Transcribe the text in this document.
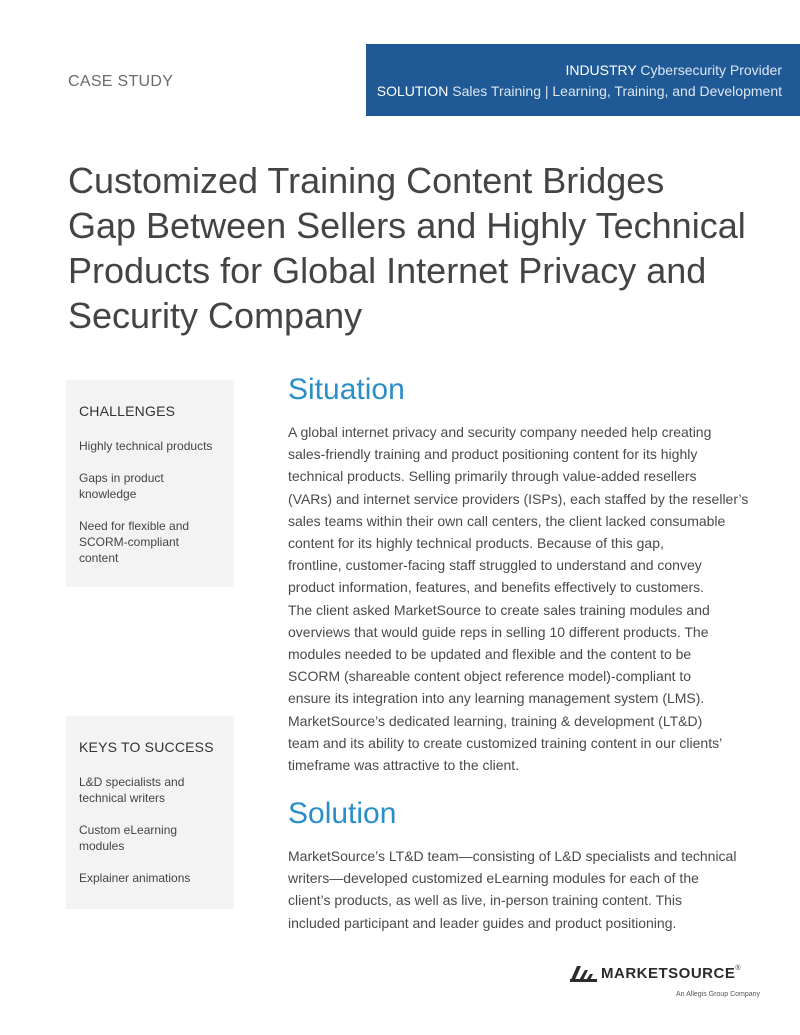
CASE STUDY
INDUSTRY Cybersecurity Provider
SOLUTION Sales Training | Learning, Training, and Development
Customized Training Content Bridges
Gap Between Sellers and Highly Technical
Products for Global Internet Privacy and
Security Company
CHALLENGES
Highly technical products
Gaps in product
knowledge
Need for flexible and
SCORM-compliant
content
KEYS TO SUCCESS
L&D specialists and
technical writers
Custom eLearning
modules
Explainer animations
Situation
A global internet privacy and security company needed help creating
sales-friendly training and product positioning content for its highly
technical products. Selling primarily through value-added resellers
(VARs) and internet service providers (ISPs), each staffed by the reseller’s
sales teams within their own call centers, the client lacked consumable
content for its highly technical products. Because of this gap,
frontline, customer-facing staff struggled to understand and convey
product information, features, and benefits effectively to customers.
The client asked MarketSource to create sales training modules and
overviews that would guide reps in selling 10 different products. The
modules needed to be updated and flexible and the content to be
SCORM (shareable content object reference model)-compliant to
ensure its integration into any learning management system (LMS).
MarketSource’s dedicated learning, training & development (LT&D)
team and its ability to create customized training content in our clients’
timeframe was attractive to the client.
Solution
MarketSource’s LT&D team—consisting of L&D specialists and technical
writers—developed customized eLearning modules for each of the
client’s products, as well as live, in-person training content. This
included participant and leader guides and product positioning.
MARKETSOURCE®
An Allegis Group Company
